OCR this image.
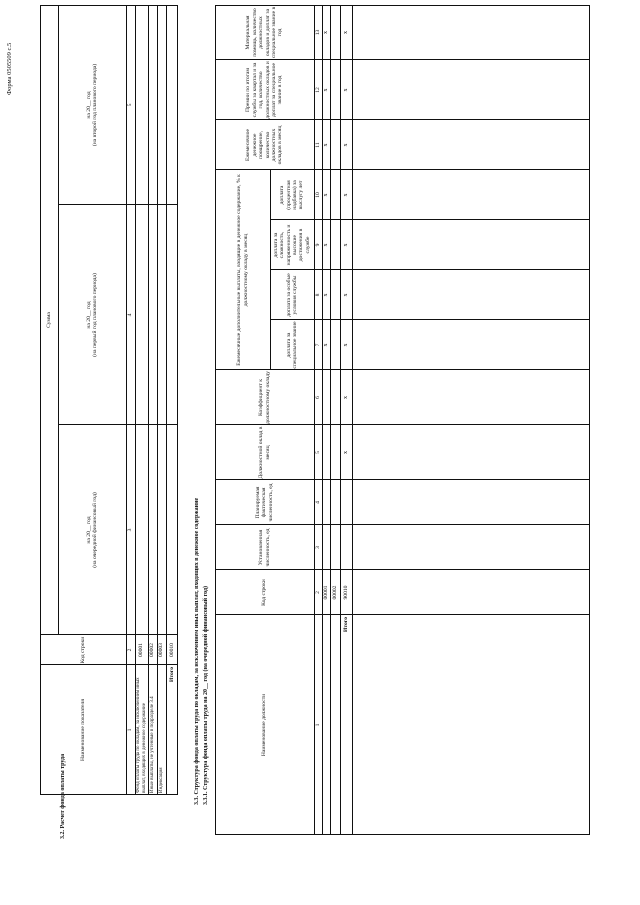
Форма 0505509 с.5
3.2. Расчет фонда оплаты труда
Наименование показателя
Код строки
Сумма
на 20__ год (на очередной финансовый год)
на 20__ год (на первый год планового периода)
на 20__ год (на второй год планового периода)
1
2
3
4
5
Фонд оплаты труда по окладам, за исключением иных выплат, входящих в денежное содержание
00001
Иные выплаты, не учтенные в подразделе 3.4
00002
Индексация
00003
Итого
00010	3.3. Структура фонда оплаты труда по окладам, за исключением иных выплат, входящих в денежное содержание 3.3.1. Структура фонда оплаты труда на 20__ год (на очередной финансовый год)	Наименование должности
Код строки
Установленная численность, ед
Планируемая фактическая численность, ед
Должностной оклад в месяц
Коэффициент к должностному окладу
Ежемесячные дополнительные выплаты, входящие в денежное содержание, % к должностному окладу в месяц
доплата за специальное звание
доплата за особые условия службы
доплата за сложность, напряженность и высокие достижения в службе
доплата (процентная надбавка) за выслугу лет
Ежемесячное денежное поощрение, количество должностных окладов в месяц
Премии по итогам службы за квартал и за год, количество должностных окладов и доплат за специальное звание в год
Материальная помощь, количество должностных окладов и доплат за специальное звание в год
1
2
3
4
5
6
7
8
9
10
11
12
13
00001
х
х
х
х
х
х
х
00002
Итого
90010
х
х
х
х
х
х
х
х
х
